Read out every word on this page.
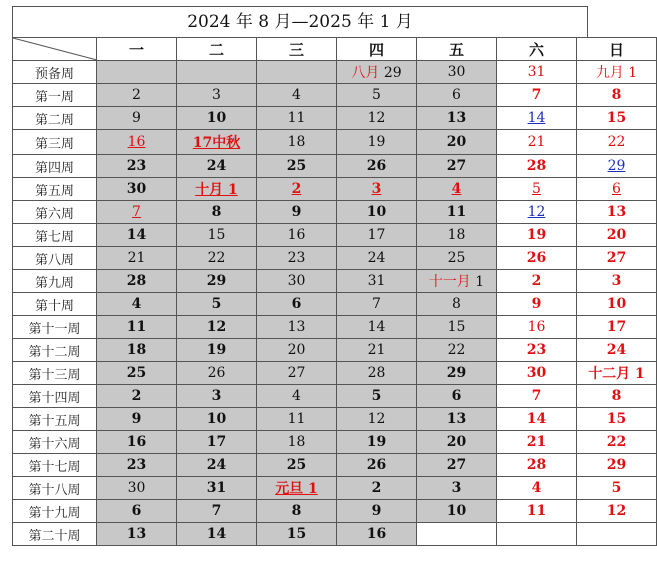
2024 年 8 月—2025 年 1 月
	一	二	三	四	五	六	日
预备周				八月 29	30	31	九月 1
第一周	2	3	4	5	6	7	8
第二周	9	10	11	12	13	14	15
第三周	16	17中秋	18	19	20	21	22
第四周	23	24	25	26	27	28	29
第五周	30	十月 1	2	3	4	5	6
第六周	7	8	9	10	11	12	13
第七周	14	15	16	17	18	19	20
第八周	21	22	23	24	25	26	27
第九周	28	29	30	31	十一月 1	2	3
第十周	4	5	6	7	8	9	10
第十一周	11	12	13	14	15	16	17
第十二周	18	19	20	21	22	23	24
第十三周	25	26	27	28	29	30	十二月 1
第十四周	2	3	4	5	6	7	8
第十五周	9	10	11	12	13	14	15
第十六周	16	17	18	19	20	21	22
第十七周	23	24	25	26	27	28	29
第十八周	30	31	元旦 1	2	3	4	5
第十九周	6	7	8	9	10	11	12
第二十周	13	14	15	16			
